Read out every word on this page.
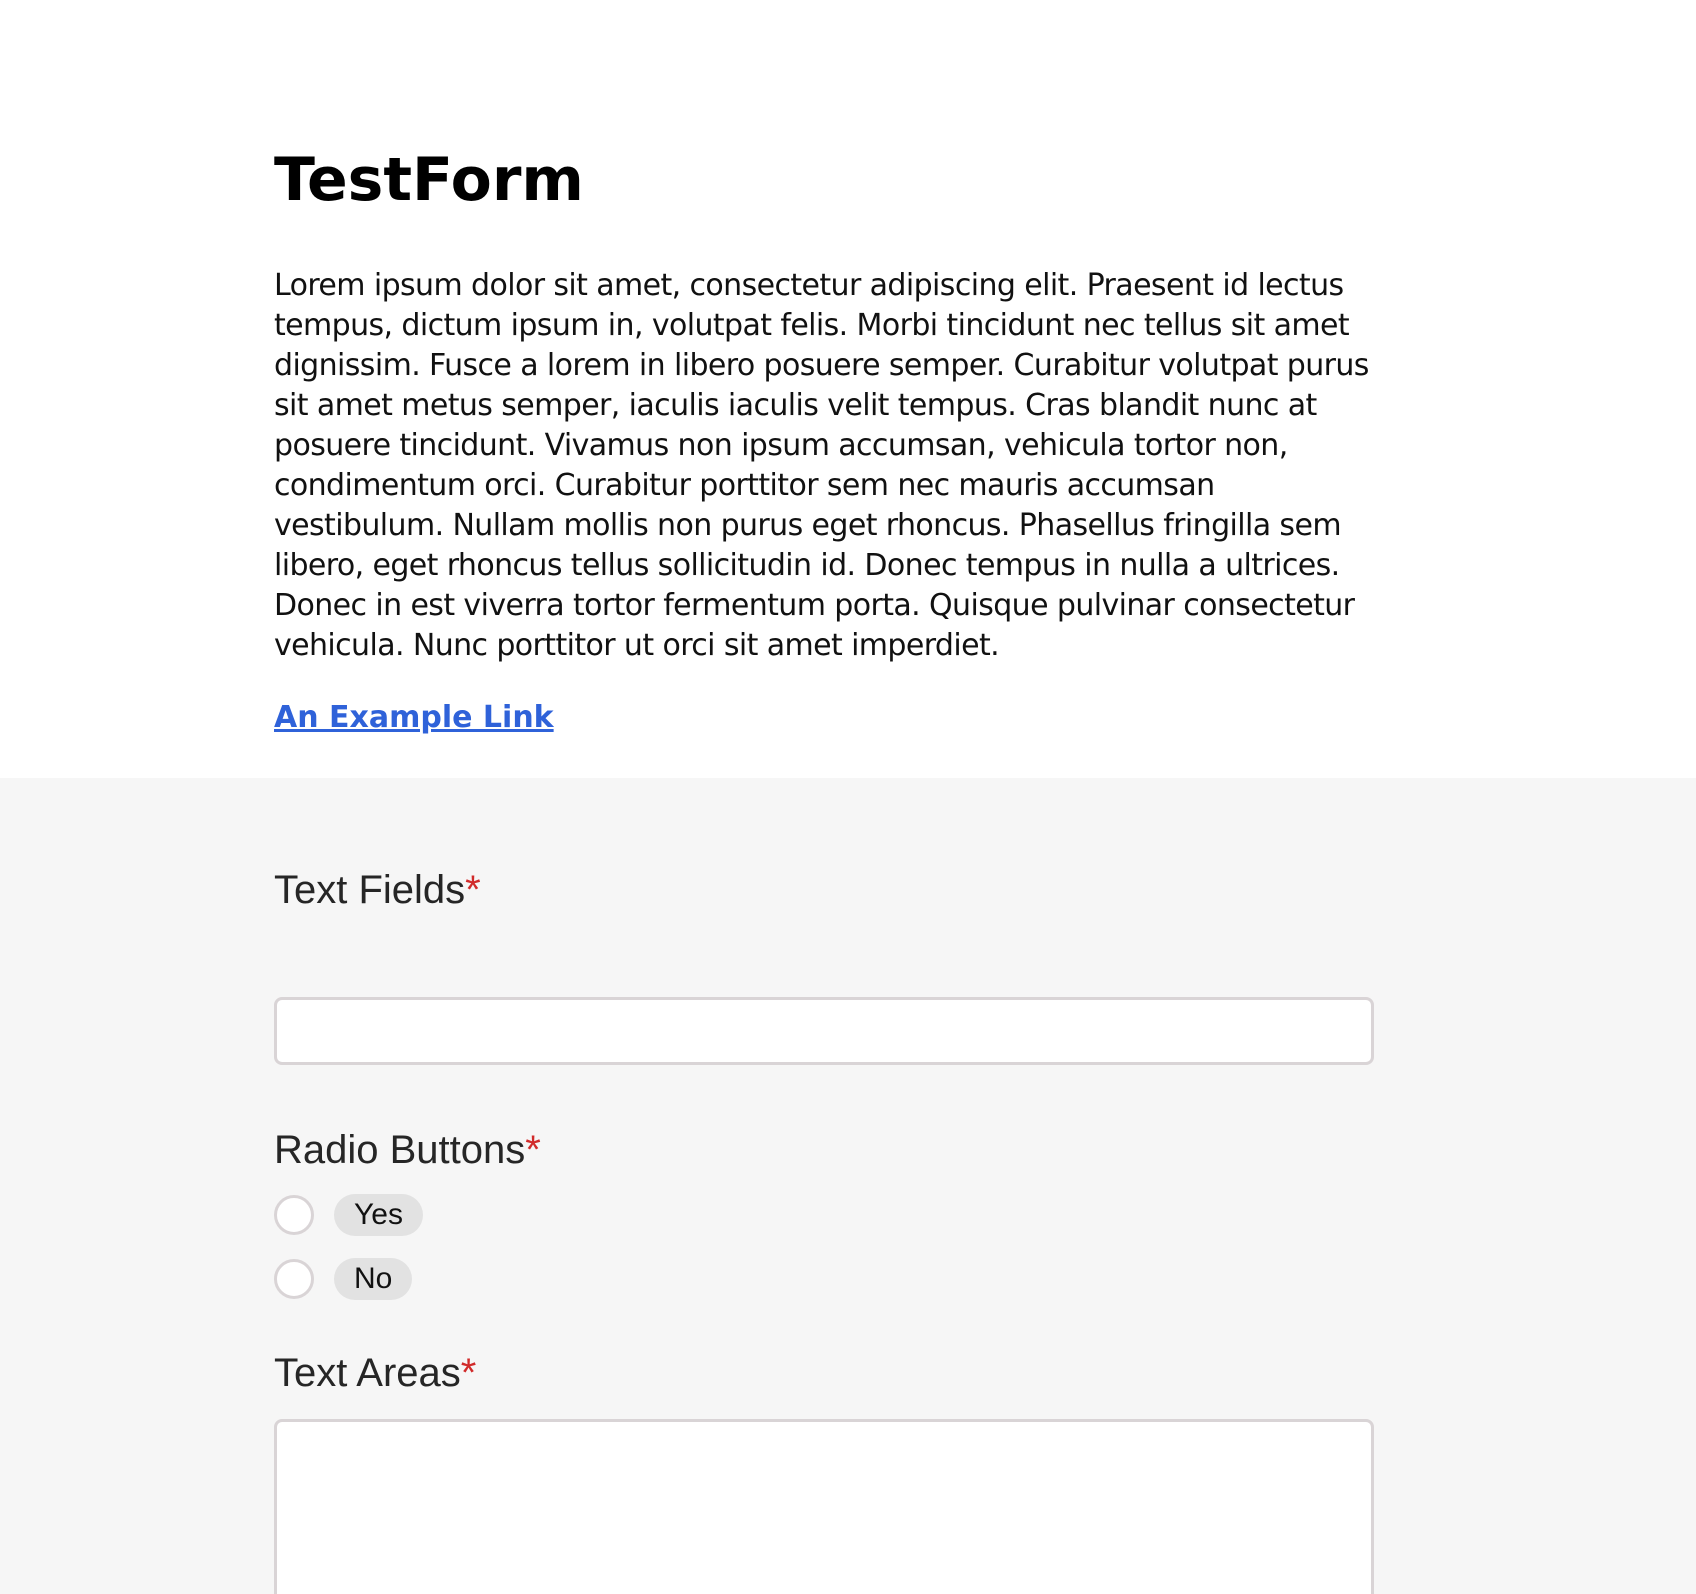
TestForm

Lorem ipsum dolor sit amet, consectetur adipiscing elit. Praesent id lectus tempus, dictum ipsum in, volutpat felis. Morbi tincidunt nec tellus sit amet dignissim. Fusce a lorem in libero posuere semper. Curabitur volutpat purus sit amet metus semper, iaculis iaculis velit tempus. Cras blandit nunc at posuere tincidunt. Vivamus non ipsum accumsan, vehicula tortor non, condimentum orci. Curabitur porttitor sem nec mauris accumsan vestibulum. Nullam mollis non purus eget rhoncus. Phasellus fringilla sem libero, eget rhoncus tellus sollicitudin id. Donec tempus in nulla a ultrices. Donec in est viverra tortor fermentum porta. Quisque pulvinar consectetur vehicula. Nunc porttitor ut orci sit amet imperdiet.

An Example Link
Text Fields*
Radio Buttons*
Yes
No
Text Areas*
